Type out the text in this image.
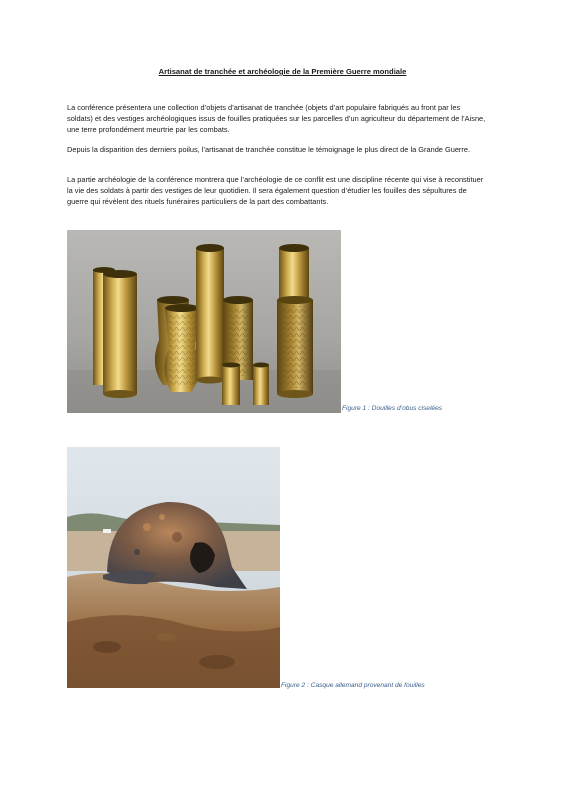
Artisanat de tranchée et archéologie de la Première Guerre mondiale

La conférence présentera une collection d’objets d’artisanat de tranchée (objets d’art populaire fabriqués au front par les soldats) et des vestiges archéologiques issus de fouilles pratiquées sur les parcelles d’un agriculteur du département de l’Aisne, une terre profondément meurtrie par les combats.

Depuis la disparition des derniers poilus, l’artisanat de tranchée constitue le témoignage le plus direct de la Grande Guerre.

La partie archéologie de la conférence montrera que l’archéologie de ce conflit est une discipline récente qui vise à reconstituer la vie des soldats à partir des vestiges de leur quotidien. Il sera également question d’étudier les fouilles des sépultures de guerre qui révèlent des rituels funéraires particuliers de la part des combattants.

Figure 1 : Douilles d’obus ciselées
Figure 2 : Casque allemand provenant de fouilles
